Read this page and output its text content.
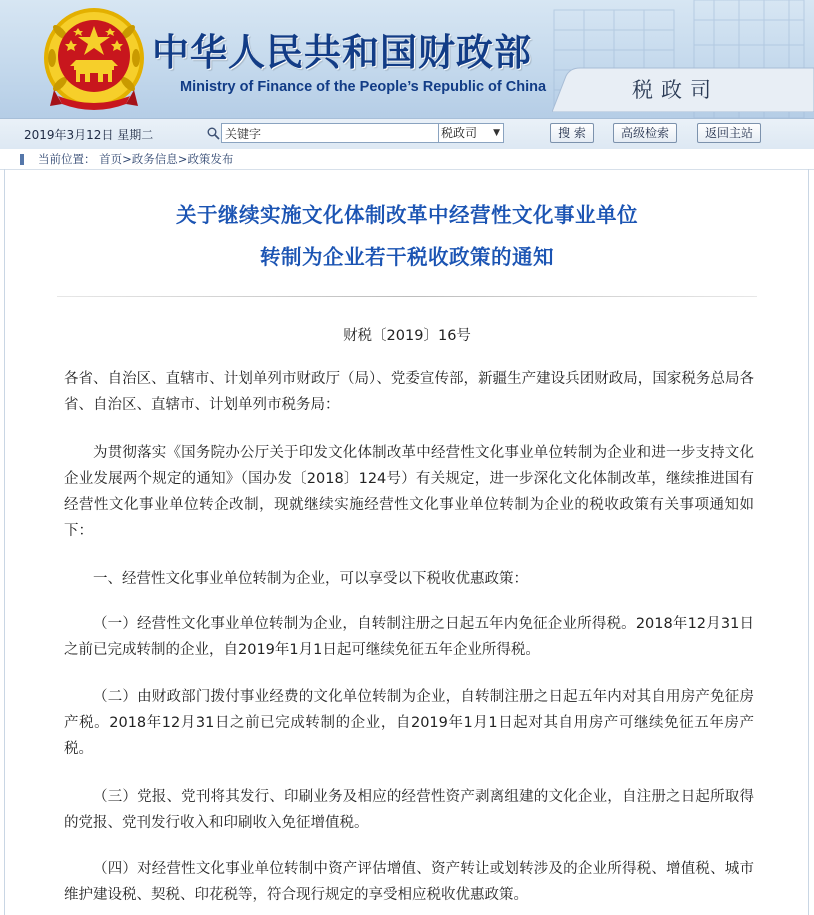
中华人民共和国财政部
Ministry of Finance of the People’s Republic of China	税政司
2019年3月12日 星期二
关键字	税政司 ▼	搜 索	高级检索	返回主站
当前位置： 首页>政务信息>政策发布
关于继续实施文化体制改革中经营性文化事业单位
转制为企业若干税收政策的通知
财税〔2019〕16号
各省、自治区、直辖市、计划单列市财政厅（局）、党委宣传部，新疆生产建设兵团财政局，国家税务总局各省、自治区、直辖市、计划单列市税务局：
为贯彻落实《国务院办公厅关于印发文化体制改革中经营性文化事业单位转制为企业和进一步支持文化企业发展两个规定的通知》（国办发〔2018〕124号）有关规定，进一步深化文化体制改革，继续推进国有经营性文化事业单位转企改制，现就继续实施经营性文化事业单位转制为企业的税收政策有关事项通知如下：
一、经营性文化事业单位转制为企业，可以享受以下税收优惠政策：
（一）经营性文化事业单位转制为企业，自转制注册之日起五年内免征企业所得税。2018年12月31日之前已完成转制的企业，自2019年1月1日起可继续免征五年企业所得税。
（二）由财政部门拨付事业经费的文化单位转制为企业，自转制注册之日起五年内对其自用房产免征房产税。2018年12月31日之前已完成转制的企业，自2019年1月1日起对其自用房产可继续免征五年房产税。
（三）党报、党刊将其发行、印刷业务及相应的经营性资产剥离组建的文化企业，自注册之日起所取得的党报、党刊发行收入和印刷收入免征增值税。
（四）对经营性文化事业单位转制中资产评估增值、资产转让或划转涉及的企业所得税、增值税、城市维护建设税、契税、印花税等，符合现行规定的享受相应税收优惠政策。
